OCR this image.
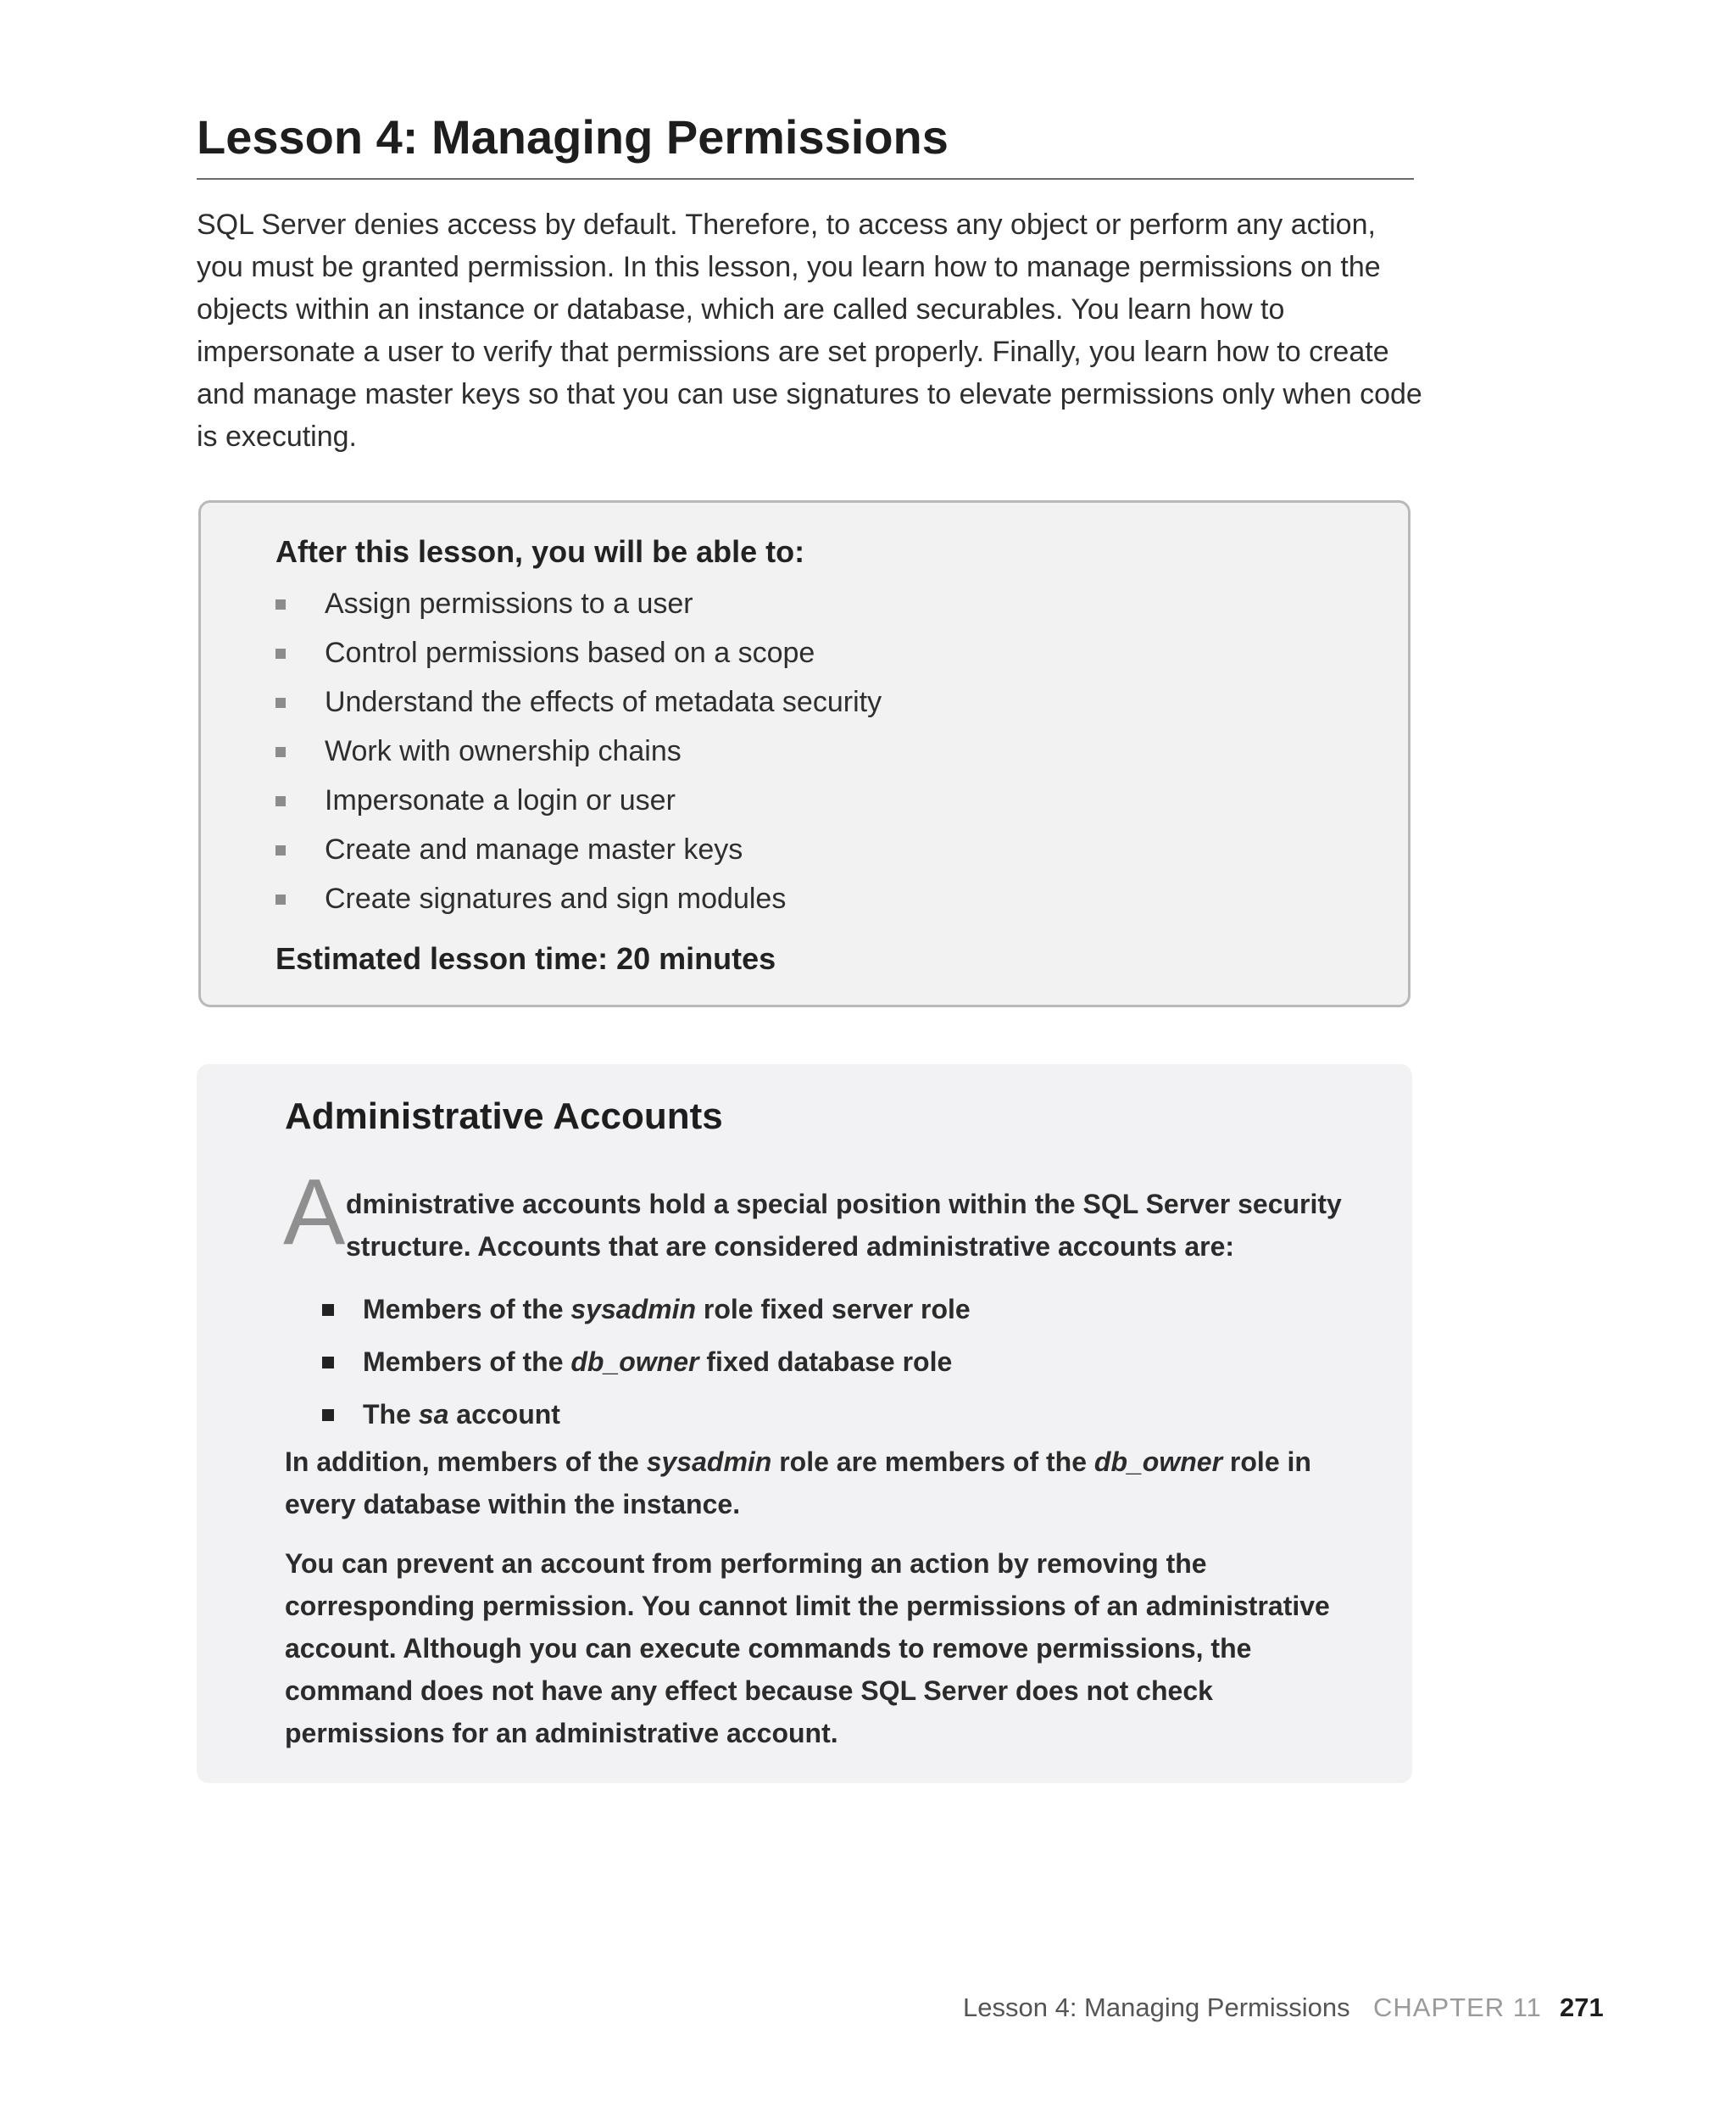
Lesson 4: Managing Permissions

SQL Server denies access by default. Therefore, to access any object or perform any action, you must be granted permission. In this lesson, you learn how to manage permissions on the objects within an instance or database, which are called securables. You learn how to impersonate a user to verify that permissions are set properly. Finally, you learn how to create and manage master keys so that you can use signatures to elevate permissions only when code is executing.

After this lesson, you will be able to:
Assign permissions to a user
Control permissions based on a scope
Understand the effects of metadata security
Work with ownership chains
Impersonate a login or user
Create and manage master keys
Create signatures and sign modules

Estimated lesson time: 20 minutes

Administrative Accounts
A dministrative accounts hold a special position within the SQL Server security structure. Accounts that are considered administrative accounts are:

Members of the sysadmin role fixed server role
Members of the db_owner fixed database role
The sa account

In addition, members of the sysadmin role are members of the db_owner role in every database within the instance.

You can prevent an account from performing an action by removing the corresponding permission. You cannot limit the permissions of an administrative account. Although you can execute commands to remove permissions, the command does not have any effect because SQL Server does not check permissions for an administrative account.

Lesson 4: Managing Permissions CHAPTER 11 271
